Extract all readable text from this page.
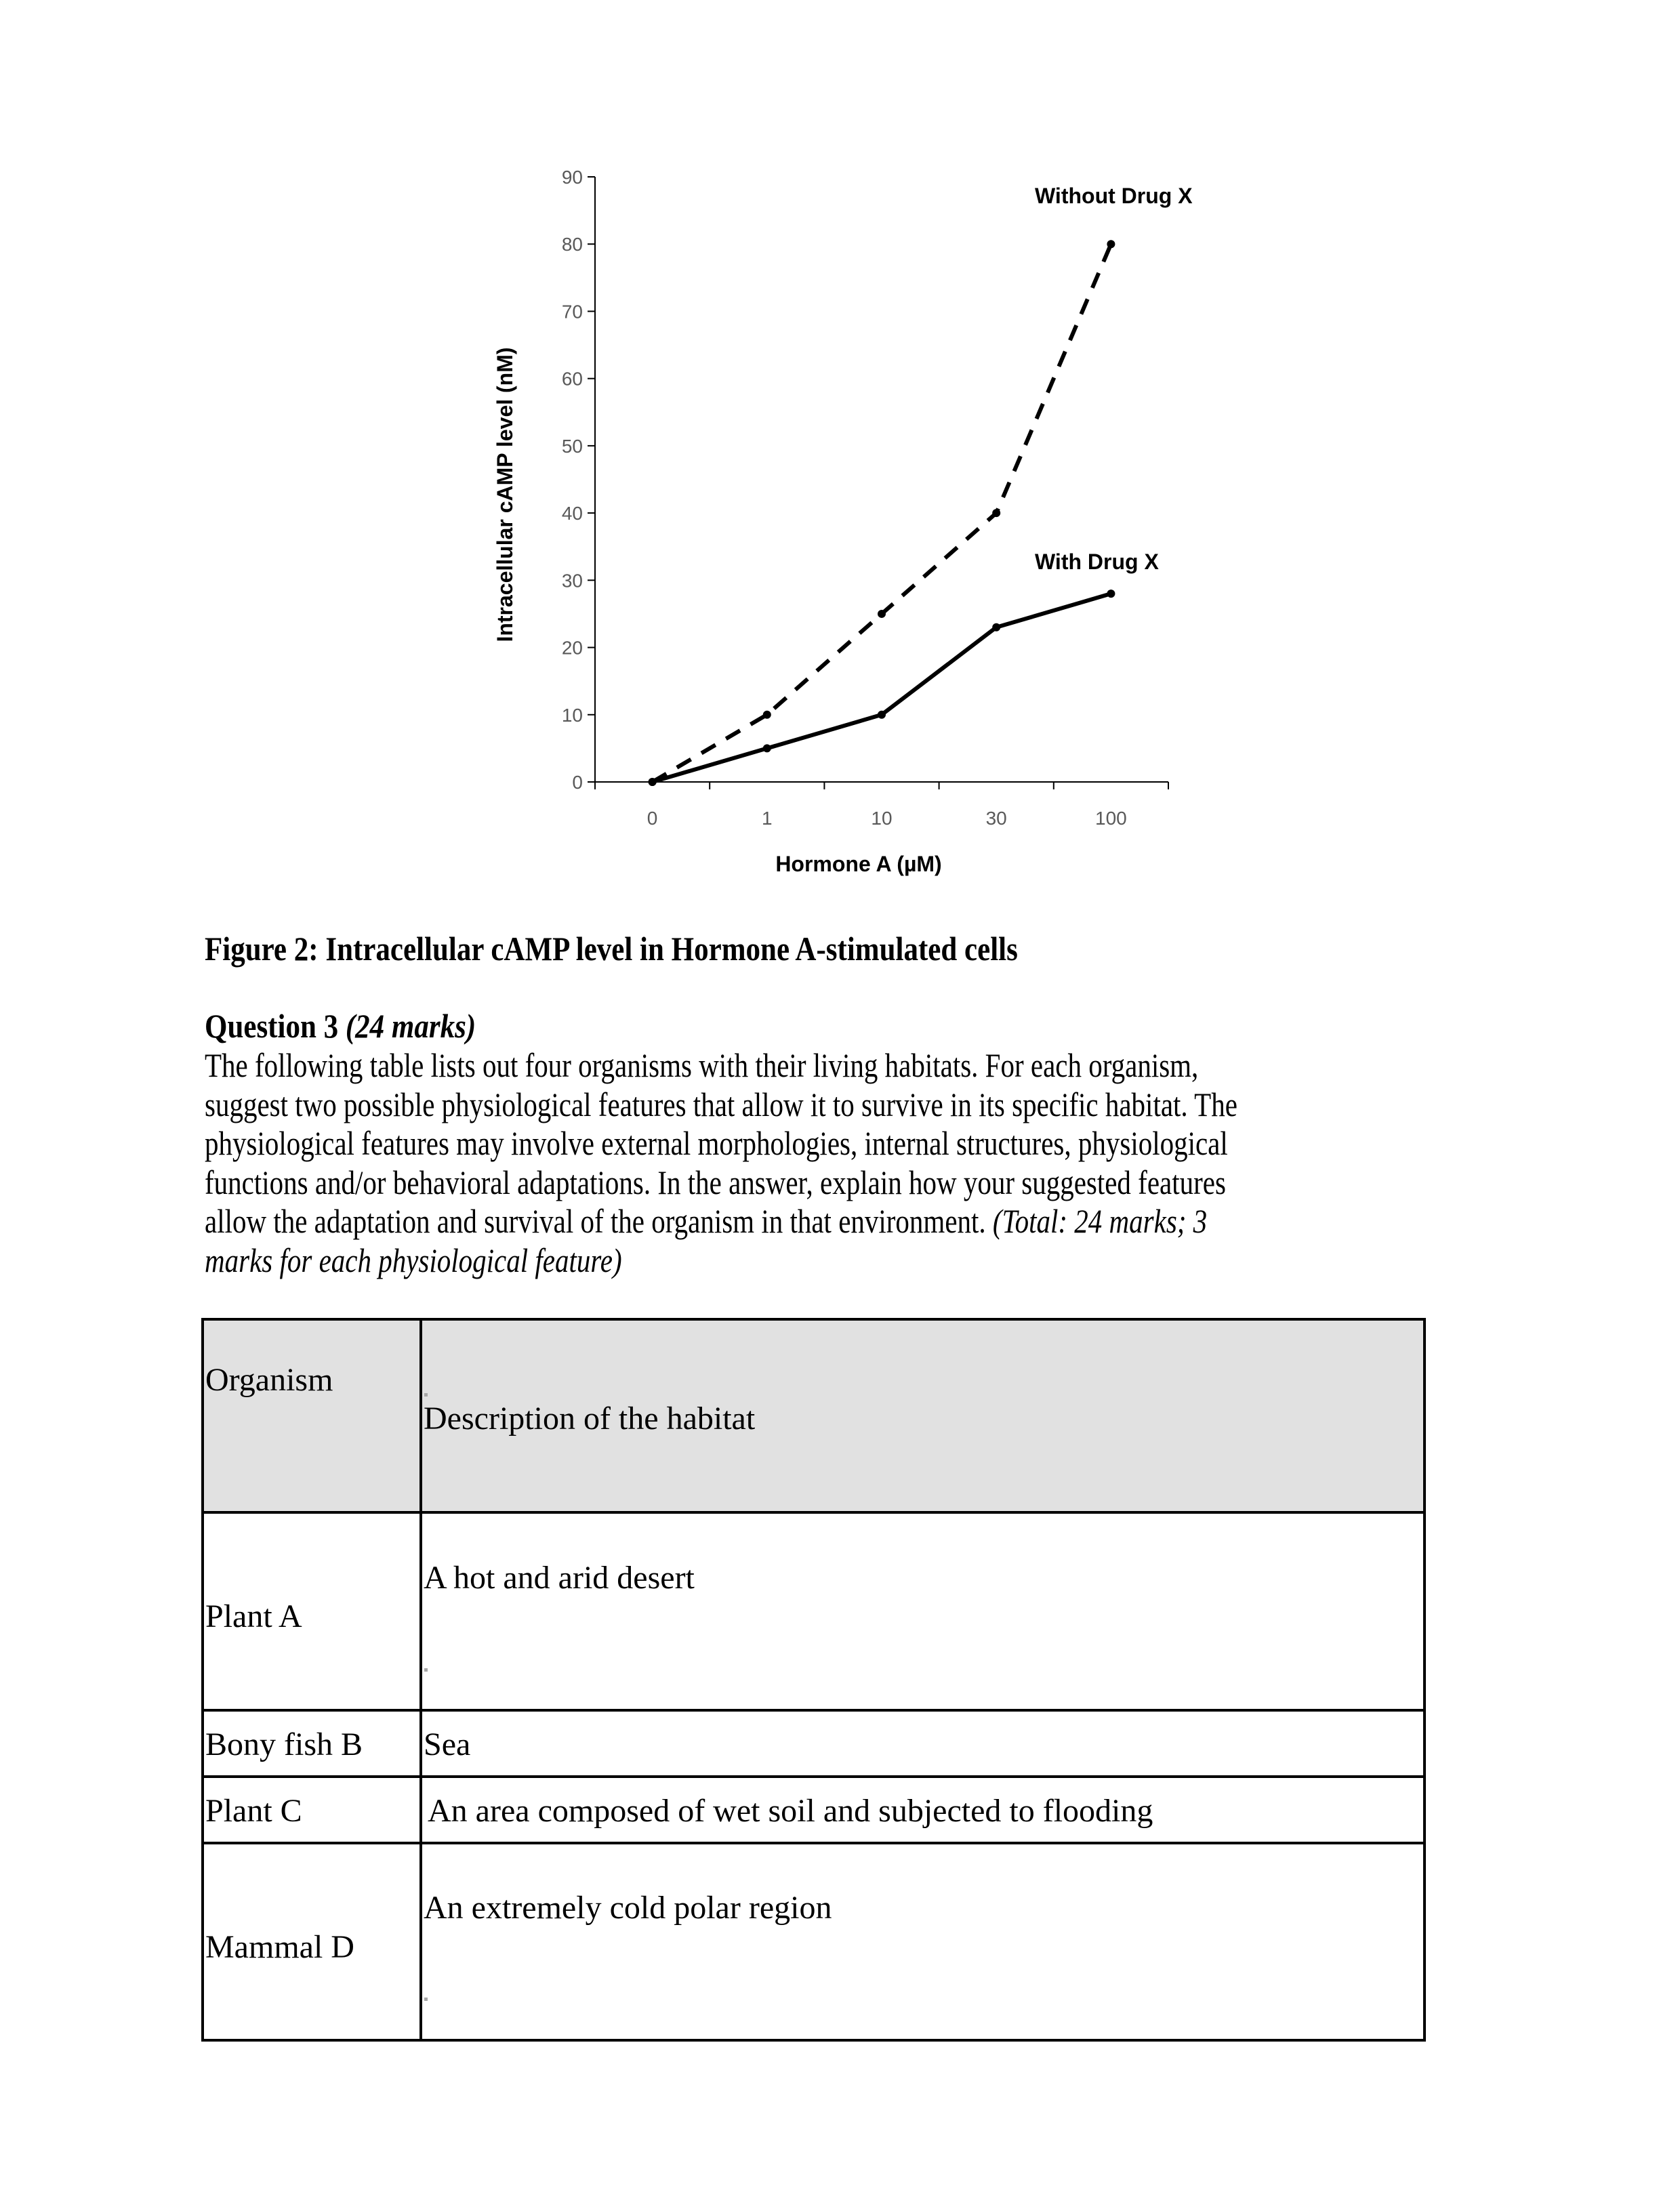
0
10
20
30
40
50
60
70
80
90
0	1	10	30	100
Hormone A (µM)
Intracellular cAMP level (nM)
Without Drug X
With Drug X
Figure 2: Intracellular cAMP level in Hormone A-stimulated cells
Question 3 (24 marks)
The following table lists out four organisms with their living habitats. For each organism,
suggest two possible physiological features that allow it to survive in its specific habitat. The
physiological features may involve external morphologies, internal structures, physiological
functions and/or behavioral adaptations. In the answer, explain how your suggested features
allow the adaptation and survival of the organism in that environment. (Total: 24 marks; 3
marks for each physiological feature)
Organism	Description of the habitat

Plant A	A hot and arid desert

Bony fish B	Sea

Plant C	An area composed of wet soil and subjected to flooding

Mammal D	An extremely cold polar region
